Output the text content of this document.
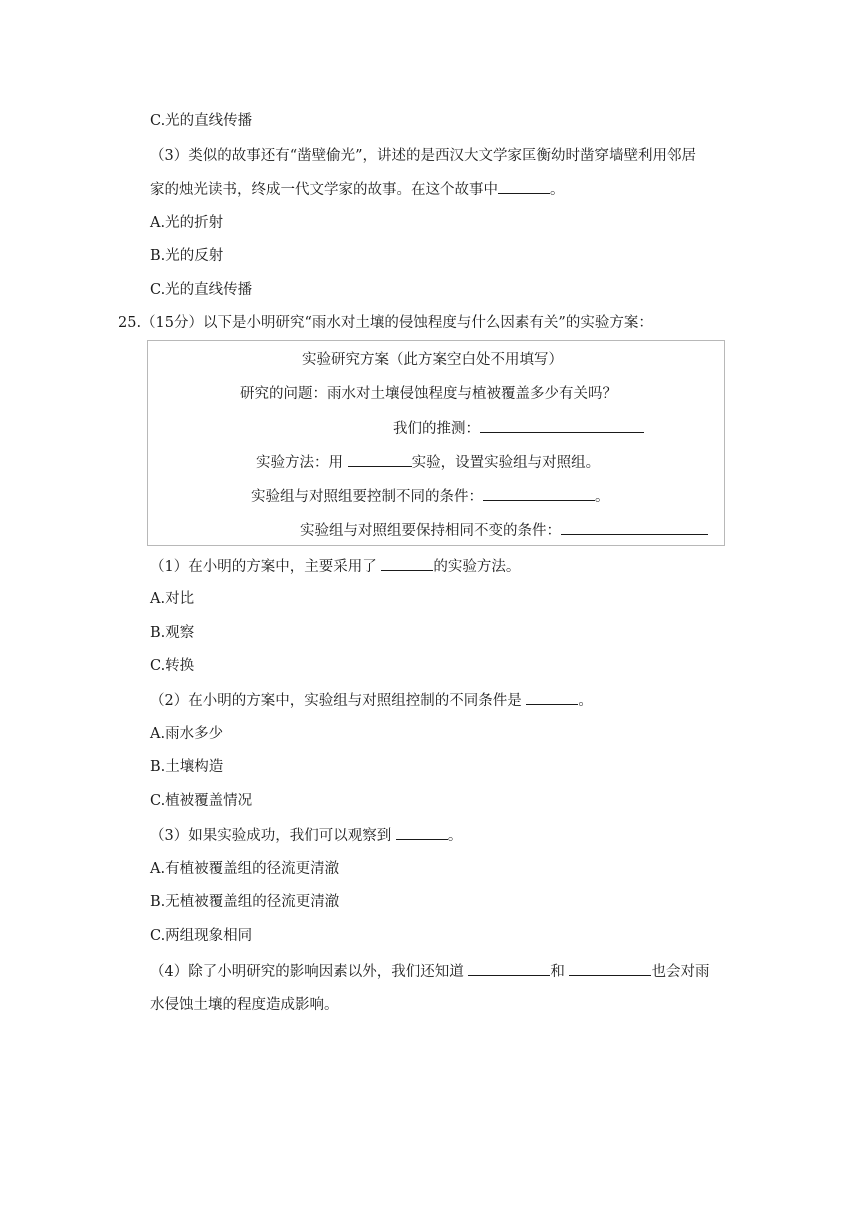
C.光的直线传播
（3）类似的故事还有“凿壁偷光”，讲述的是西汉大文学家匡衡幼时凿穿墙壁利用邻居
家的烛光读书，终成一代文学家的故事。在这个故事中	。
A.光的折射
B.光的反射
C.光的直线传播
25.（15分）以下是小明研究“雨水对土壤的侵蚀程度与什么因素有关”的实验方案：
实验研究方案（此方案空白处不用填写）
研究的问题：雨水对土壤侵蚀程度与植被覆盖多少有关吗？
我们的推测：
实验方法：用	实验，设置实验组与对照组。
实验组与对照组要控制不同的条件：	。
实验组与对照组要保持相同不变的条件：
（1）在小明的方案中，主要采用了	的实验方法。
A.对比
B.观察
C.转换
（2）在小明的方案中，实验组与对照组控制的不同条件是	。
A.雨水多少
B.土壤构造
C.植被覆盖情况
（3）如果实验成功，我们可以观察到	。
A.有植被覆盖组的径流更清澈
B.无植被覆盖组的径流更清澈
C.两组现象相同
（4）除了小明研究的影响因素以外，我们还知道	和	也会对雨
水侵蚀土壤的程度造成影响。
